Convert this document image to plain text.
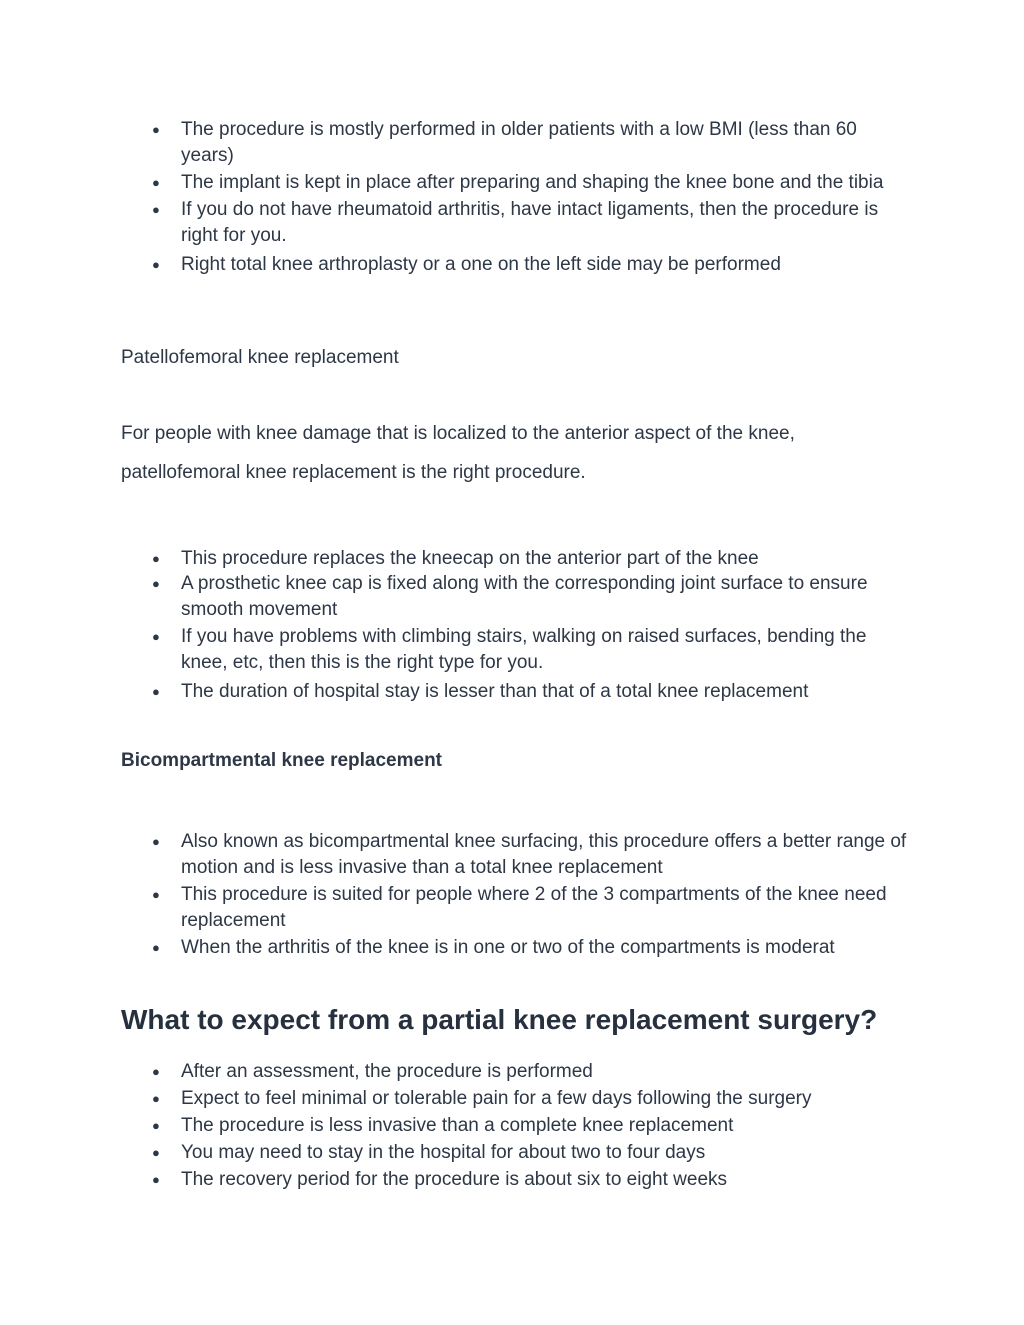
● The procedure is mostly performed in older patients with a low BMI (less than 60 years)
● The implant is kept in place after preparing and shaping the knee bone and the tibia
● If you do not have rheumatoid arthritis, have intact ligaments, then the procedure is right for you.
● Right total knee arthroplasty or a one on the left side may be performed
Patellofemoral knee replacement

For people with knee damage that is localized to the anterior aspect of the knee,

patellofemoral knee replacement is the right procedure.

● This procedure replaces the kneecap on the anterior part of the knee
● A prosthetic knee cap is fixed along with the corresponding joint surface to ensure smooth movement
● If you have problems with climbing stairs, walking on raised surfaces, bending the knee, etc, then this is the right type for you.
● The duration of hospital stay is lesser than that of a total knee replacement
Bicompartmental knee replacement
● Also known as bicompartmental knee surfacing, this procedure offers a better range of motion and is less invasive than a total knee replacement
● This procedure is suited for people where 2 of the 3 compartments of the knee need replacement
● When the arthritis of the knee is in one or two of the compartments is moderat
What to expect from a partial knee replacement surgery?
● After an assessment, the procedure is performed
● Expect to feel minimal or tolerable pain for a few days following the surgery
● The procedure is less invasive than a complete knee replacement
● You may need to stay in the hospital for about two to four days
● The recovery period for the procedure is about six to eight weeks
